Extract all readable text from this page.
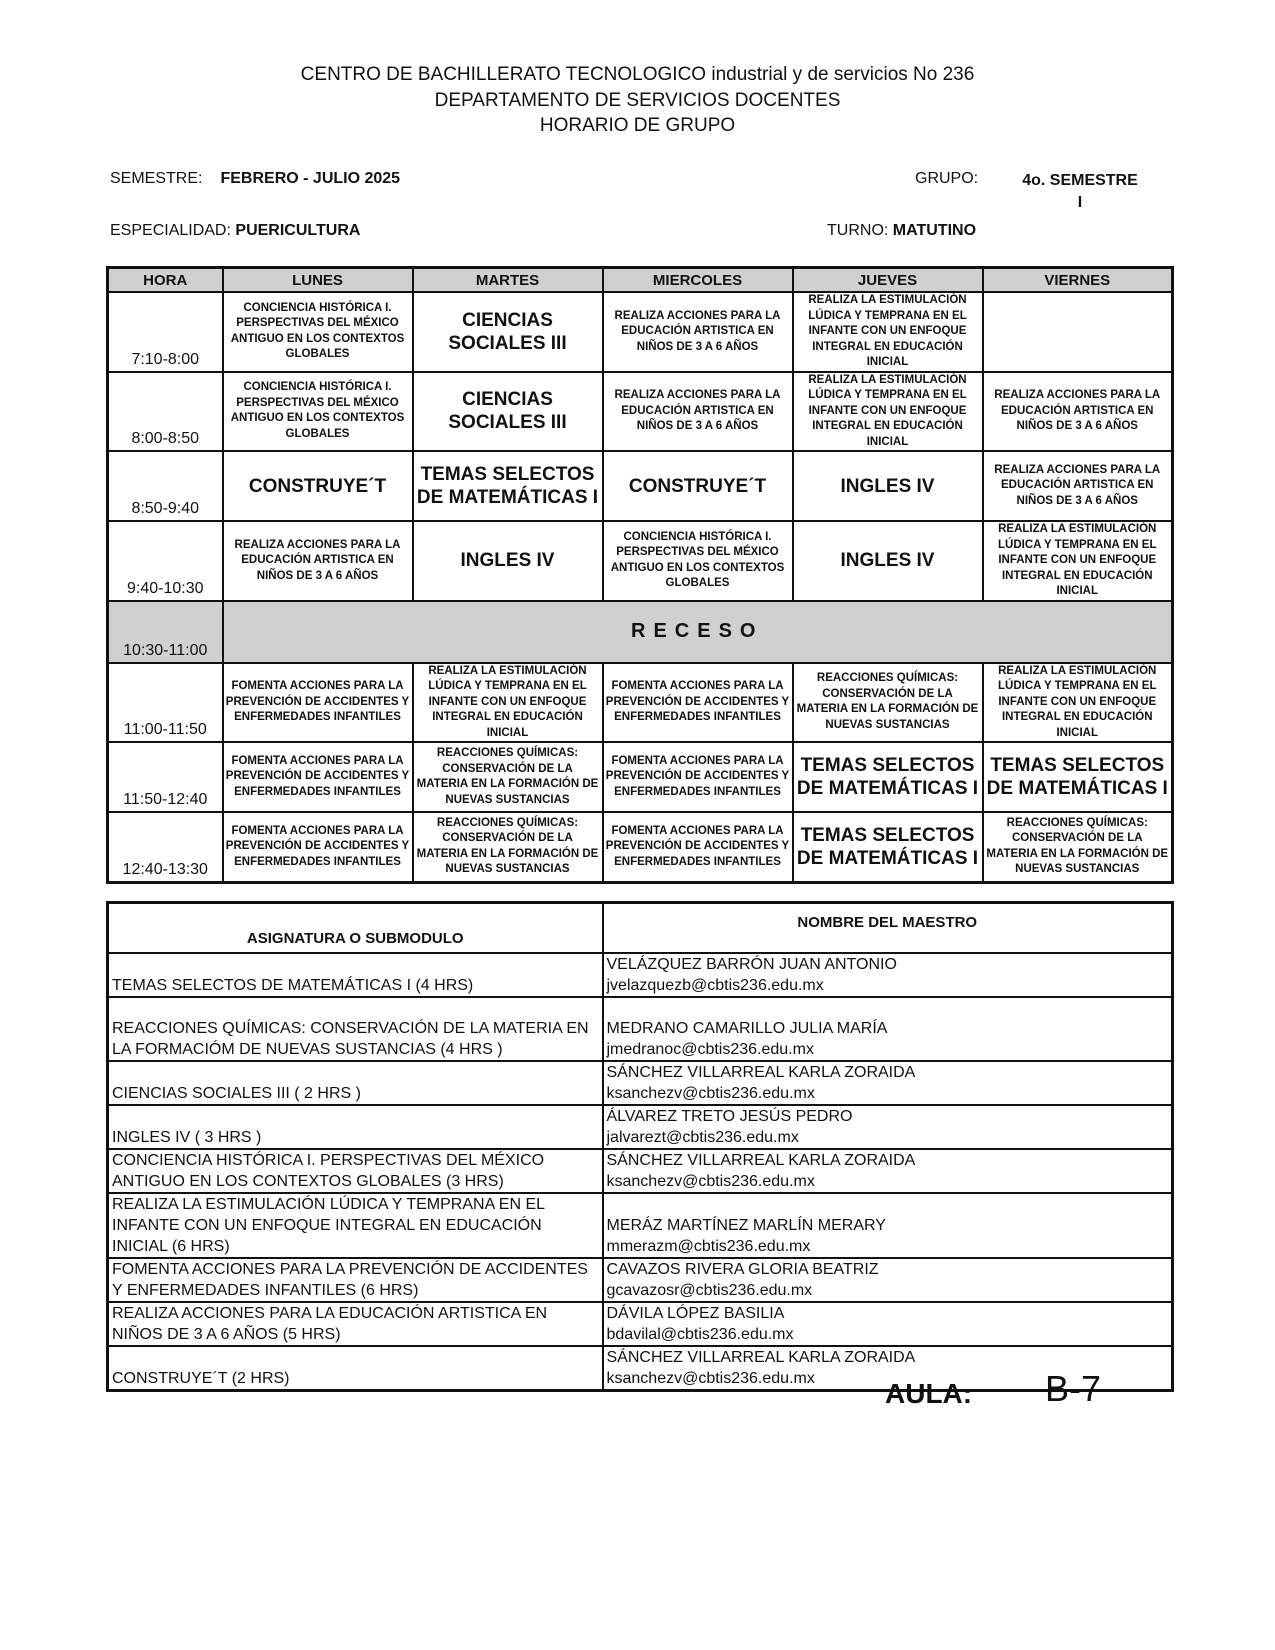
CENTRO DE BACHILLERATO TECNOLOGICO industrial y de servicios No 236
DEPARTAMENTO DE SERVICIOS DOCENTES
HORARIO DE GRUPO
SEMESTRE: FEBRERO - JULIO 2025	GRUPO:	4o. SEMESTRE
I
ESPECIALIDAD: PUERICULTURA	TURNO: MATUTINO
HORA	LUNES	MARTES	MIERCOLES	JUEVES	VIERNES
7:10-8:00	CONCIENCIA HISTÓRICA I. PERSPECTIVAS DEL MÉXICO ANTIGUO EN LOS CONTEXTOS GLOBALES	CIENCIAS SOCIALES III	REALIZA ACCIONES PARA LA EDUCACIÓN ARTISTICA EN NIÑOS DE 3 A 6 AÑOS	REALIZA LA ESTIMULACIÓN LÚDICA Y TEMPRANA EN EL INFANTE CON UN ENFOQUE INTEGRAL EN EDUCACIÓN INICIAL	
8:00-8:50	CONCIENCIA HISTÓRICA I. PERSPECTIVAS DEL MÉXICO ANTIGUO EN LOS CONTEXTOS GLOBALES	CIENCIAS SOCIALES III	REALIZA ACCIONES PARA LA EDUCACIÓN ARTISTICA EN NIÑOS DE 3 A 6 AÑOS	REALIZA LA ESTIMULACIÓN LÚDICA Y TEMPRANA EN EL INFANTE CON UN ENFOQUE INTEGRAL EN EDUCACIÓN INICIAL	REALIZA ACCIONES PARA LA EDUCACIÓN ARTISTICA EN NIÑOS DE 3 A 6 AÑOS
8:50-9:40	CONSTRUYE´T	TEMAS SELECTOS DE MATEMÁTICAS I	CONSTRUYE´T	INGLES IV	REALIZA ACCIONES PARA LA EDUCACIÓN ARTISTICA EN NIÑOS DE 3 A 6 AÑOS
9:40-10:30	REALIZA ACCIONES PARA LA EDUCACIÓN ARTISTICA EN NIÑOS DE 3 A 6 AÑOS	INGLES IV	CONCIENCIA HISTÓRICA I. PERSPECTIVAS DEL MÉXICO ANTIGUO EN LOS CONTEXTOS GLOBALES	INGLES IV	REALIZA LA ESTIMULACIÓN LÚDICA Y TEMPRANA EN EL INFANTE CON UN ENFOQUE INTEGRAL EN EDUCACIÓN INICIAL
10:30-11:00	RECESO				
11:00-11:50	FOMENTA ACCIONES PARA LA PREVENCIÓN DE ACCIDENTES Y ENFERMEDADES INFANTILES	REALIZA LA ESTIMULACIÓN LÚDICA Y TEMPRANA EN EL INFANTE CON UN ENFOQUE INTEGRAL EN EDUCACIÓN INICIAL	FOMENTA ACCIONES PARA LA PREVENCIÓN DE ACCIDENTES Y ENFERMEDADES INFANTILES	REACCIONES QUÍMICAS: CONSERVACIÓN DE LA MATERIA EN LA FORMACIÓN DE NUEVAS SUSTANCIAS	REALIZA LA ESTIMULACIÓN LÚDICA Y TEMPRANA EN EL INFANTE CON UN ENFOQUE INTEGRAL EN EDUCACIÓN INICIAL
11:50-12:40	FOMENTA ACCIONES PARA LA PREVENCIÓN DE ACCIDENTES Y ENFERMEDADES INFANTILES	REACCIONES QUÍMICAS: CONSERVACIÓN DE LA MATERIA EN LA FORMACIÓN DE NUEVAS SUSTANCIAS	FOMENTA ACCIONES PARA LA PREVENCIÓN DE ACCIDENTES Y ENFERMEDADES INFANTILES	TEMAS SELECTOS DE MATEMÁTICAS I	TEMAS SELECTOS DE MATEMÁTICAS I
12:40-13:30	FOMENTA ACCIONES PARA LA PREVENCIÓN DE ACCIDENTES Y ENFERMEDADES INFANTILES	REACCIONES QUÍMICAS: CONSERVACIÓN DE LA MATERIA EN LA FORMACIÓN DE NUEVAS SUSTANCIAS	FOMENTA ACCIONES PARA LA PREVENCIÓN DE ACCIDENTES Y ENFERMEDADES INFANTILES	TEMAS SELECTOS DE MATEMÁTICAS I	REACCIONES QUÍMICAS: CONSERVACIÓN DE LA MATERIA EN LA FORMACIÓN DE NUEVAS SUSTANCIAS
ASIGNATURA O SUBMODULO	NOMBRE DEL MAESTRO
TEMAS SELECTOS DE MATEMÁTICAS I (4 HRS)	VELÁZQUEZ BARRÓN JUAN ANTONIO
jvelazquezb@cbtis236.edu.mx

REACCIONES QUÍMICAS: CONSERVACIÓN DE LA MATERIA EN LA FORMACIÓM DE NUEVAS SUSTANCIAS (4 HRS )	MEDRANO CAMARILLO JULIA MARÍA
jmedranoc@cbtis236.edu.mx

CIENCIAS SOCIALES III ( 2 HRS )	SÁNCHEZ VILLARREAL KARLA ZORAIDA
ksanchezv@cbtis236.edu.mx

INGLES IV ( 3 HRS )	ÁLVAREZ TRETO JESÚS PEDRO
jalvarezt@cbtis236.edu.mx

CONCIENCIA HISTÓRICA I. PERSPECTIVAS DEL MÉXICO ANTIGUO EN LOS CONTEXTOS GLOBALES (3 HRS)	SÁNCHEZ VILLARREAL KARLA ZORAIDA
ksanchezv@cbtis236.edu.mx

REALIZA LA ESTIMULACIÓN LÚDICA Y TEMPRANA EN EL INFANTE CON UN ENFOQUE INTEGRAL EN EDUCACIÓN INICIAL (6 HRS)	MERÁZ MARTÍNEZ MARLÍN MERARY
mmerazm@cbtis236.edu.mx

FOMENTA ACCIONES PARA LA PREVENCIÓN DE ACCIDENTES Y ENFERMEDADES INFANTILES (6 HRS)	CAVAZOS RIVERA GLORIA BEATRIZ
gcavazosr@cbtis236.edu.mx

REALIZA ACCIONES PARA LA EDUCACIÓN ARTISTICA EN NIÑOS DE 3 A 6 AÑOS (5 HRS)	DÁVILA LÓPEZ BASILIA
bdavilal@cbtis236.edu.mx

CONSTRUYE´T (2 HRS)	SÁNCHEZ VILLARREAL KARLA ZORAIDA
ksanchezv@cbtis236.edu.mx	AULA: B-7
